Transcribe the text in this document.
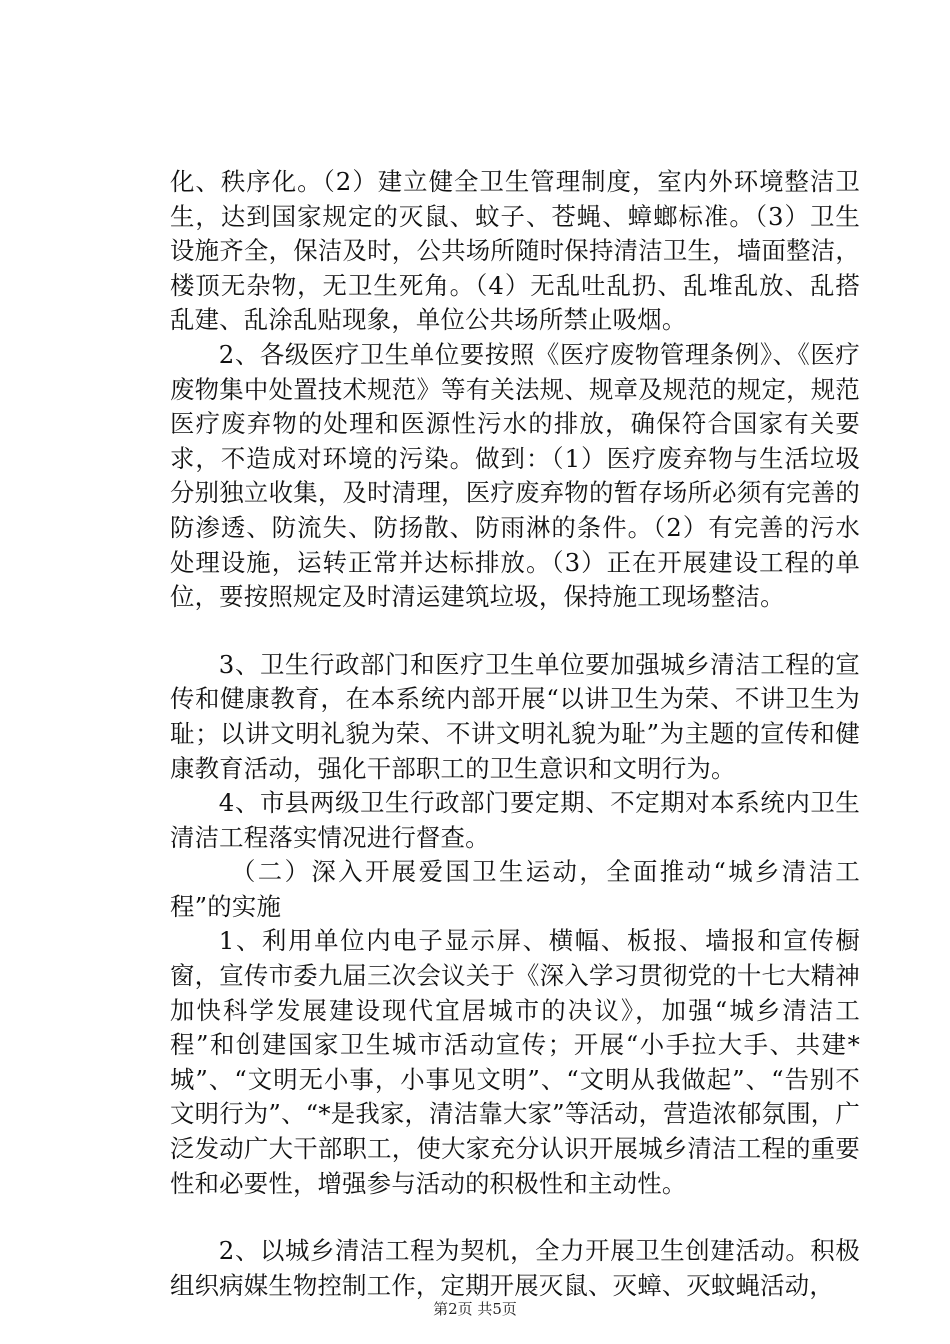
化、秩序化。（2）建立健全卫生管理制度，室内外环境整洁卫生，达到国家规定的灭鼠、蚊子、苍蝇、蟑螂标准。（3）卫生设施齐全，保洁及时，公共场所随时保持清洁卫生，墙面整洁，楼顶无杂物，无卫生死角。（4）无乱吐乱扔、乱堆乱放、乱搭乱建、乱涂乱贴现象，单位公共场所禁止吸烟。

2、各级医疗卫生单位要按照《医疗废物管理条例》、《医疗废物集中处置技术规范》等有关法规、规章及规范的规定，规范医疗废弃物的处理和医源性污水的排放，确保符合国家有关要求，不造成对环境的污染。做到：（1）医疗废弃物与生活垃圾分别独立收集，及时清理，医疗废弃物的暂存场所必须有完善的防渗透、防流失、防扬散、防雨淋的条件。（2）有完善的污水处理设施，运转正常并达标排放。（3）正在开展建设工程的单位，要按照规定及时清运建筑垃圾，保持施工现场整洁。

3、卫生行政部门和医疗卫生单位要加强城乡清洁工程的宣传和健康教育，在本系统内部开展“以讲卫生为荣、不讲卫生为耻；以讲文明礼貌为荣、不讲文明礼貌为耻”为主题的宣传和健康教育活动，强化干部职工的卫生意识和文明行为。

4、市县两级卫生行政部门要定期、不定期对本系统内卫生清洁工程落实情况进行督查。

（二）深入开展爱国卫生运动，全面推动“城乡清洁工程”的实施

1、利用单位内电子显示屏、横幅、板报、墙报和宣传橱窗，宣传市委九届三次会议关于《深入学习贯彻党的十七大精神加快科学发展建设现代宜居城市的决议》，加强“城乡清洁工程”和创建国家卫生城市活动宣传；开展“小手拉大手、共建*城”、“文明无小事，小事见文明”、“文明从我做起”、“告别不文明行为”、“*是我家，清洁靠大家”等活动，营造浓郁氛围，广泛发动广大干部职工，使大家充分认识开展城乡清洁工程的重要性和必要性，增强参与活动的积极性和主动性。

2、以城乡清洁工程为契机，全力开展卫生创建活动。积极组织病媒生物控制工作，定期开展灭鼠、灭蟑、灭蚊蝇活动，

第2页 共5页
